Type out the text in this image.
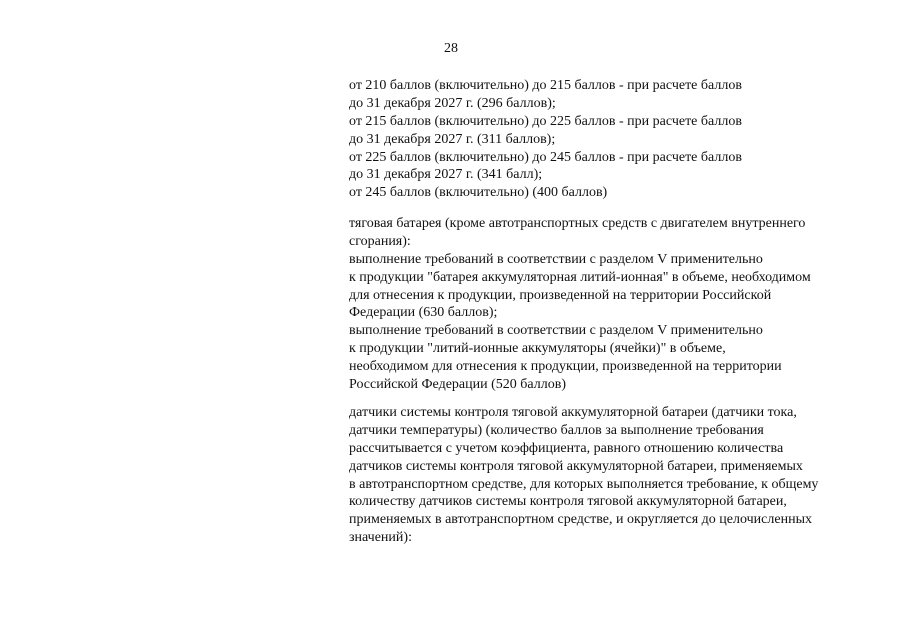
28
от 210 баллов (включительно) до 215 баллов - при расчете баллов
до 31 декабря 2027 г. (296 баллов);
от 215 баллов (включительно) до 225 баллов - при расчете баллов
до 31 декабря 2027 г. (311 баллов);
от 225 баллов (включительно) до 245 баллов - при расчете баллов
до 31 декабря 2027 г. (341 балл);
от 245 баллов (включительно) (400 баллов)
тяговая батарея (кроме автотранспортных средств с двигателем внутреннего
сгорания):
выполнение требований в соответствии с разделом V применительно
к продукции "батарея аккумуляторная литий-ионная" в объеме, необходимом
для отнесения к продукции, произведенной на территории Российской
Федерации (630 баллов);
выполнение требований в соответствии с разделом V применительно
к продукции "литий-ионные аккумуляторы (ячейки)" в объеме,
необходимом для отнесения к продукции, произведенной на территории
Российской Федерации (520 баллов)
датчики системы контроля тяговой аккумуляторной батареи (датчики тока,
датчики температуры) (количество баллов за выполнение требования
рассчитывается с учетом коэффициента, равного отношению количества
датчиков системы контроля тяговой аккумуляторной батареи, применяемых
в автотранспортном средстве, для которых выполняется требование, к общему
количеству датчиков системы контроля тяговой аккумуляторной батареи,
применяемых в автотранспортном средстве, и округляется до целочисленных
значений):
